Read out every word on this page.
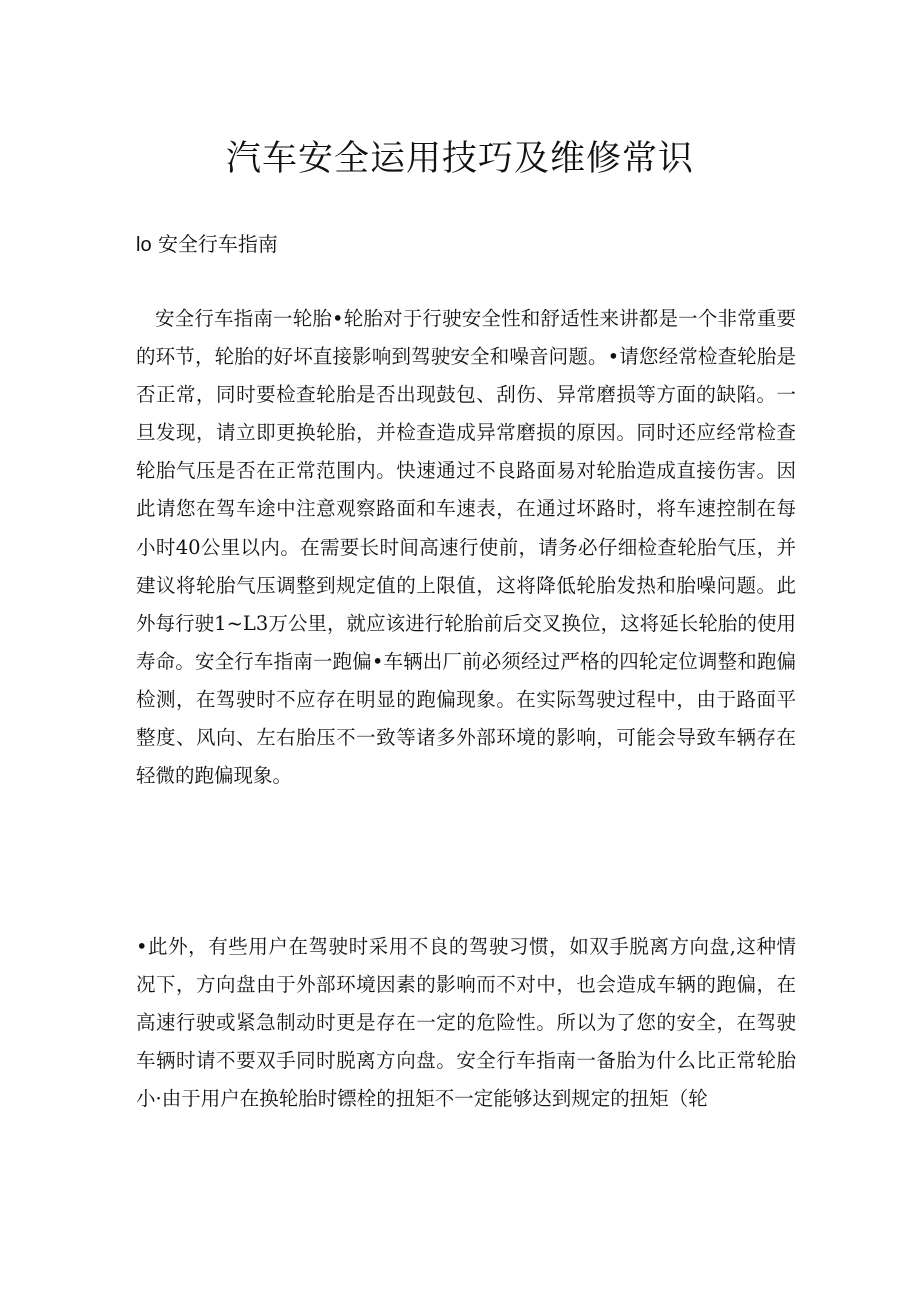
汽车安全运用技巧及维修常识
lo 安全行车指南

安全行车指南一轮胎•轮胎对于行驶安全性和舒适性来讲都是一个非常重要的环节，轮胎的好坏直接影响到驾驶安全和噪音问题。•请您经常检查轮胎是否正常，同时要检查轮胎是否出现鼓包、刮伤、异常磨损等方面的缺陷。一旦发现，请立即更换轮胎，并检查造成异常磨损的原因。同时还应经常检查轮胎气压是否在正常范围内。快速通过不良路面易对轮胎造成直接伤害。因此请您在驾车途中注意观察路面和车速表，在通过坏路时，将车速控制在每小时40公里以内。在需要长时间高速行使前，请务必仔细检查轮胎气压，并建议将轮胎气压调整到规定值的上限值，这将降低轮胎发热和胎噪问题。此外每行驶1~L3万公里，就应该进行轮胎前后交叉换位，这将延长轮胎的使用寿命。安全行车指南一跑偏•车辆出厂前必须经过严格的四轮定位调整和跑偏检测，在驾驶时不应存在明显的跑偏现象。在实际驾驶过程中，由于路面平整度、风向、左右胎压不一致等诸多外部环境的影响，可能会导致车辆存在轻微的跑偏现象。

•此外，有些用户在驾驶时采用不良的驾驶习惯，如双手脱离方向盘,这种情况下，方向盘由于外部环境因素的影响而不对中，也会造成车辆的跑偏，在高速行驶或紧急制动时更是存在一定的危险性。所以为了您的安全，在驾驶车辆时请不要双手同时脱离方向盘。安全行车指南一备胎为什么比正常轮胎小·由于用户在换轮胎时镖栓的扭矩不一定能够达到规定的扭矩（轮
